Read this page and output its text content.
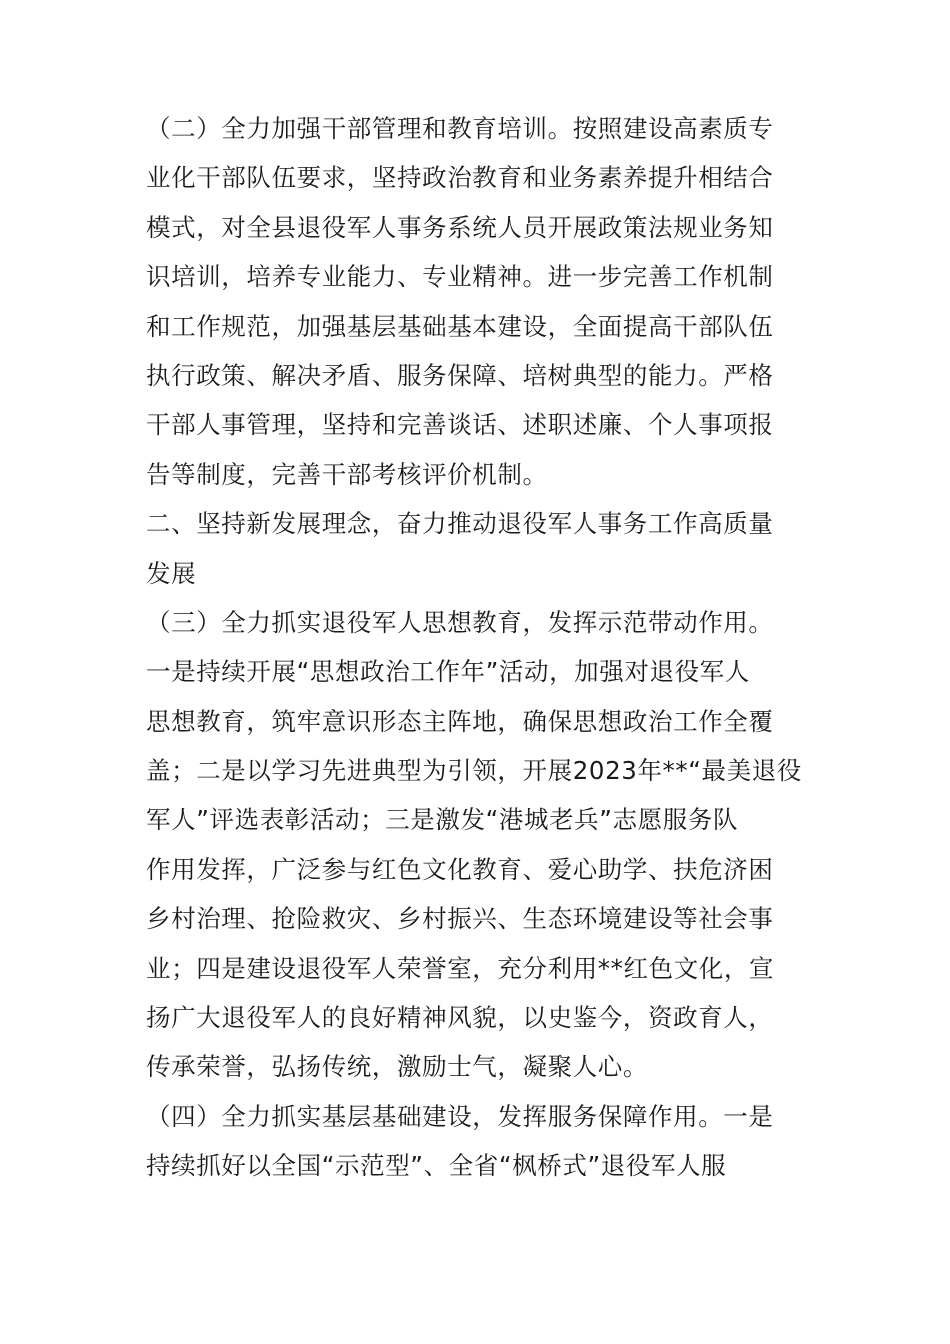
（二）全力加强干部管理和教育培训。按照建设高素质专
业化干部队伍要求，坚持政治教育和业务素养提升相结合
模式，对全县退役军人事务系统人员开展政策法规业务知
识培训，培养专业能力、专业精神。进一步完善工作机制
和工作规范，加强基层基础基本建设，全面提高干部队伍
执行政策、解决矛盾、服务保障、培树典型的能力。严格
干部人事管理，坚持和完善谈话、述职述廉、个人事项报
告等制度，完善干部考核评价机制。
二、坚持新发展理念，奋力推动退役军人事务工作高质量
发展
（三）全力抓实退役军人思想教育，发挥示范带动作用。
一是持续开展“思想政治工作年”活动，加强对退役军人
思想教育，筑牢意识形态主阵地，确保思想政治工作全覆
盖；二是以学习先进典型为引领，开展2023年**“最美退役
军人”评选表彰活动；三是激发“港城老兵”志愿服务队
作用发挥，广泛参与红色文化教育、爱心助学、扶危济困
乡村治理、抢险救灾、乡村振兴、生态环境建设等社会事
业；四是建设退役军人荣誉室，充分利用**红色文化，宣
扬广大退役军人的良好精神风貌，以史鉴今，资政育人，
传承荣誉，弘扬传统，激励士气，凝聚人心。
（四）全力抓实基层基础建设，发挥服务保障作用。一是
持续抓好以全国“示范型”、全省“枫桥式”退役军人服
